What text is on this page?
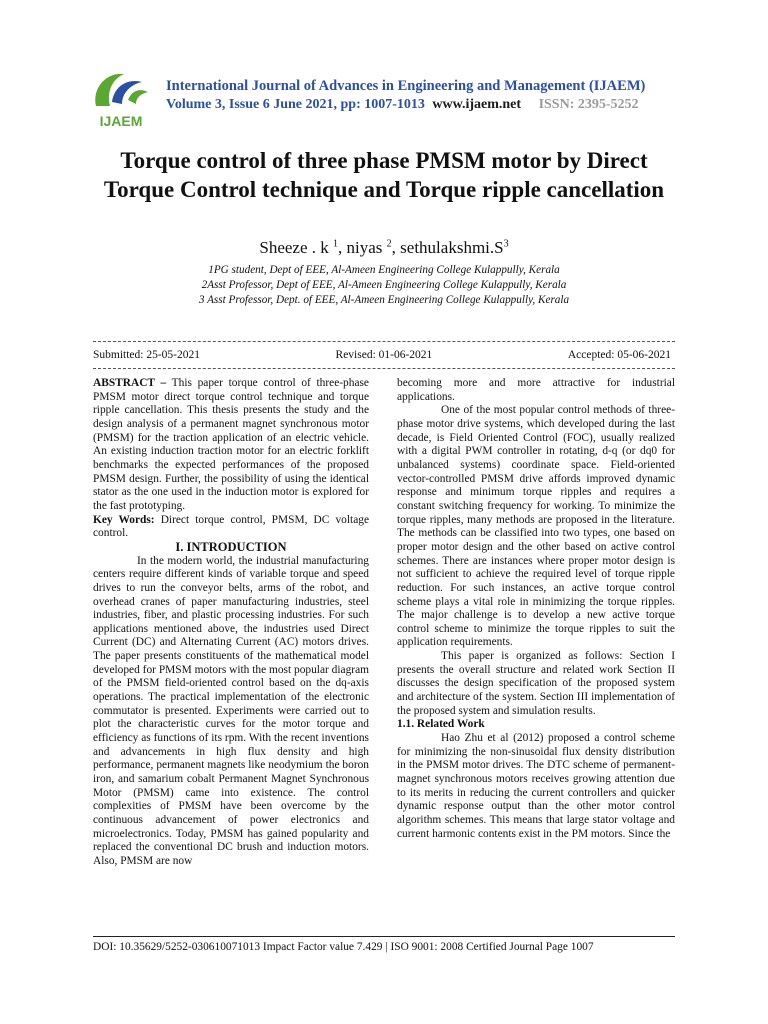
IJAEM
International Journal of Advances in Engineering and Management (IJAEM)
Volume 3, Issue 6 June 2021, pp: 1007-1013 www.ijaem.net ISSN: 2395-5252
Torque control of three phase PMSM motor by Direct Torque Control technique and Torque ripple cancellation
Sheeze . k $^1$, niyas $^2$, $sethulakshmi.S^3$
1PG student, Dept of EEE, Al-Ameen Engineering College Kulappully, Kerala
2Asst Professor, Dept of EEE, Al-Ameen Engineering College Kulappully, Kerala
3 Asst Professor, Dept. of EEE, Al-Ameen Engineering College Kulappully, Kerala
Submitted: 25-05-2021	Revised: 01-06-2021	Accepted: 05-06-2021

ABSTRACT – This paper torque control of three-phase PMSM motor direct torque control technique and torque ripple cancellation. This thesis presents the study and the design analysis of a permanent magnet synchronous motor (PMSM) for the traction application of an electric vehicle. An existing induction traction motor for an electric forklift benchmarks the expected performances of the proposed PMSM design. Further, the possibility of using the identical stator as the one used in the induction motor is explored for the fast prototyping.

Key Words: Direct torque control, PMSM, DC voltage control.

I. INTRODUCTION

In the modern world, the industrial manufacturing centers require different kinds of variable torque and speed drives to run the conveyor belts, arms of the robot, and overhead cranes of paper manufacturing industries, steel industries, fiber, and plastic processing industries. For such applications mentioned above, the industries used Direct Current (DC) and Alternating Current (AC) motors drives. The paper presents constituents of the mathematical model developed for PMSM motors with the most popular diagram of the PMSM field-oriented control based on the dq-axis operations. The practical implementation of the electronic commutator is presented. Experiments were carried out to plot the characteristic curves for the motor torque and efficiency as functions of its rpm. With the recent inventions and advancements in high flux density and high performance, permanent magnets like neodymium the boron iron, and samarium cobalt Permanent Magnet Synchronous Motor (PMSM) came into existence. The control complexities of PMSM have been overcome by the continuous advancement of power electronics and microelectronics. Today, PMSM has gained popularity and replaced the conventional DC brush and induction motors. Also, PMSM are now

becoming more and more attractive for industrial applications.

One of the most popular control methods of three-phase motor drive systems, which developed during the last decade, is Field Oriented Control (FOC), usually realized with a digital PWM controller in rotating, d-q (or dq0 for unbalanced systems) coordinate space. Field-oriented vector-controlled PMSM drive affords improved dynamic response and minimum torque ripples and requires a constant switching frequency for working. To minimize the torque ripples, many methods are proposed in the literature. The methods can be classified into two types, one based on proper motor design and the other based on active control schemes. There are instances where proper motor design is not sufficient to achieve the required level of torque ripple reduction. For such instances, an active torque control scheme plays a vital role in minimizing the torque ripples. The major challenge is to develop a new active torque control scheme to minimize the torque ripples to suit the application requirements.

This paper is organized as follows: Section I presents the overall structure and related work Section II discusses the design specification of the proposed system and architecture of the system. Section III implementation of the proposed system and simulation results.

1.1. Related Work

Hao Zhu et al (2012) proposed a control scheme for minimizing the non-sinusoidal flux density distribution in the PMSM motor drives. The DTC scheme of permanent-magnet synchronous motors receives growing attention due to its merits in reducing the current controllers and quicker dynamic response output than the other motor control algorithm schemes. This means that large stator voltage and current harmonic contents exist in the PM motors. Since the

DOI: 10.35629/5252-030610071013 Impact Factor value 7.429 | ISO 9001: 2008 Certified Journal Page 1007
